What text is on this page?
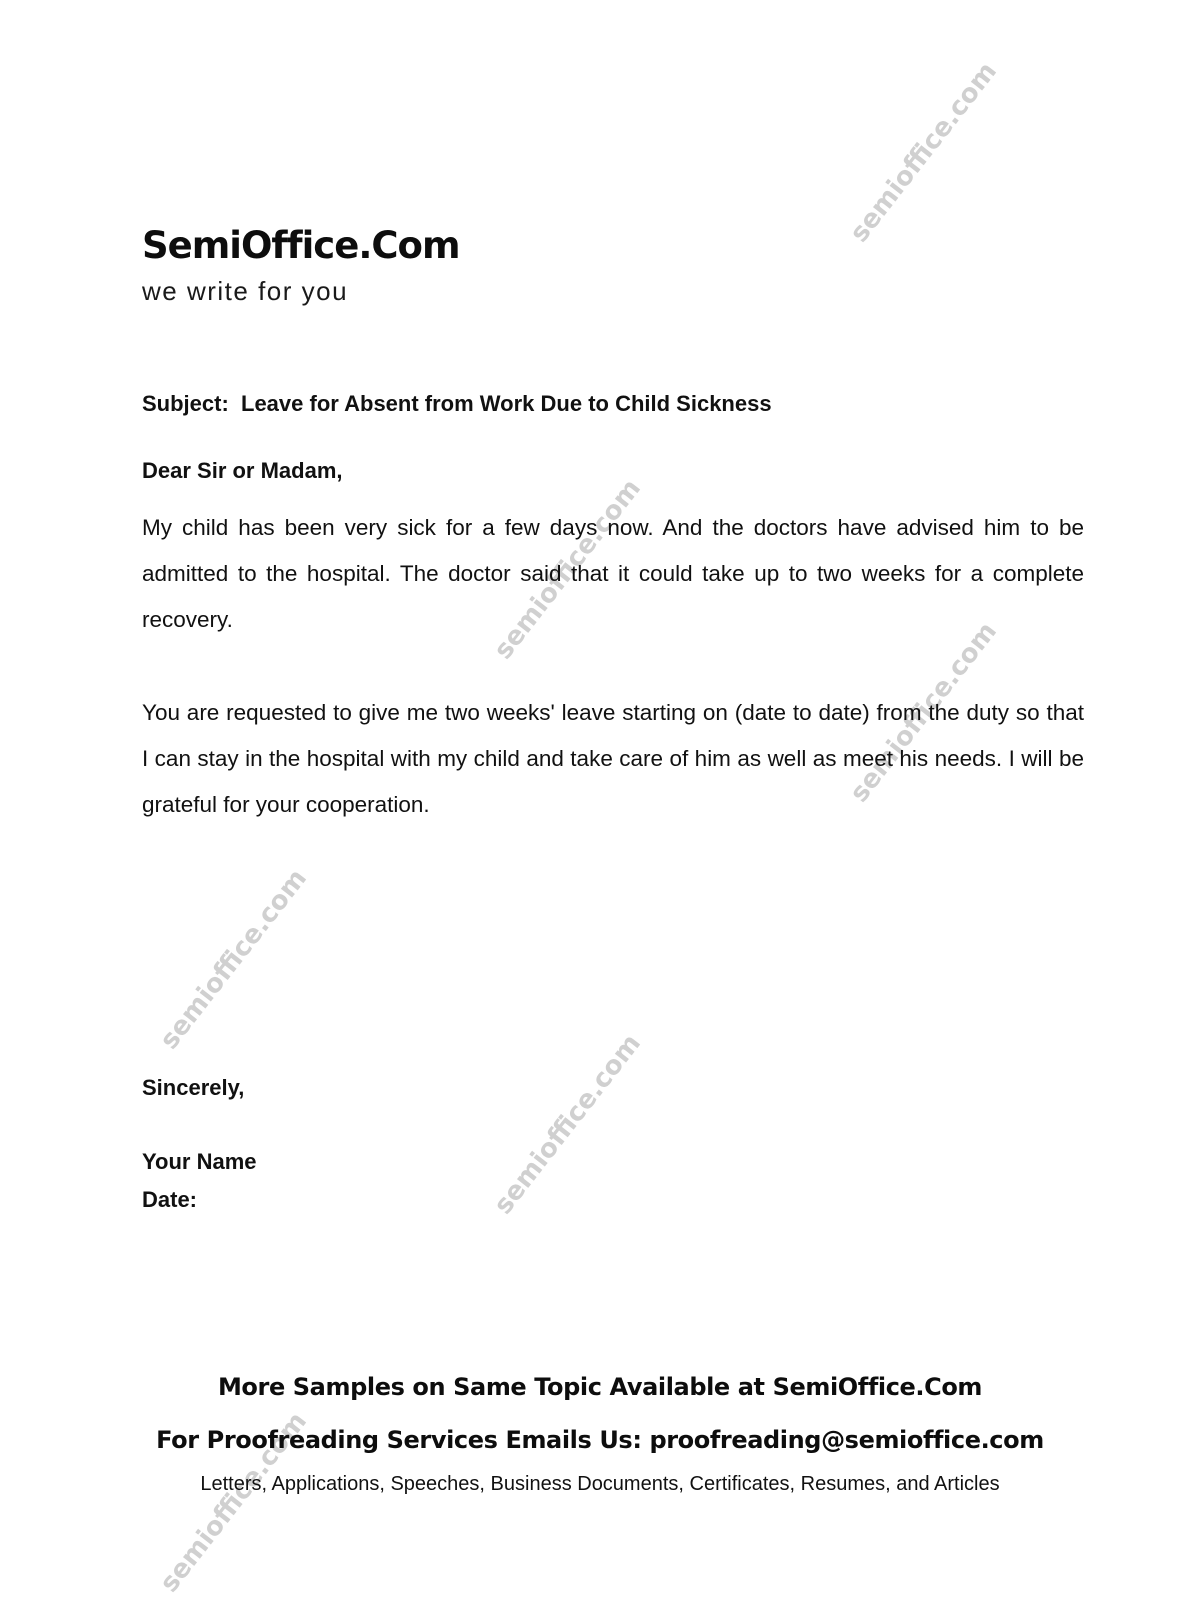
semioffice.com
semioffice.com
semioffice.com
semioffice.com
semioffice.com
semioffice.com
SemiOffice.Com
we write for you
Subject:  Leave for Absent from Work Due to Child Sickness
Dear Sir or Madam,
My child has been very sick for a few days now. And the doctors have advised him to be admitted to the hospital. The doctor said that it could take up to two weeks for a complete recovery.
You are requested to give me two weeks' leave starting on (date to date) from the duty so that I can stay in the hospital with my child and take care of him as well as meet his needs. I will be grateful for your cooperation.
Sincerely,
Your Name
Date:
More Samples on Same Topic Available at SemiOffice.Com
For Proofreading Services Emails Us: proofreading@semioffice.com
Letters, Applications, Speeches, Business Documents, Certificates, Resumes, and Articles
